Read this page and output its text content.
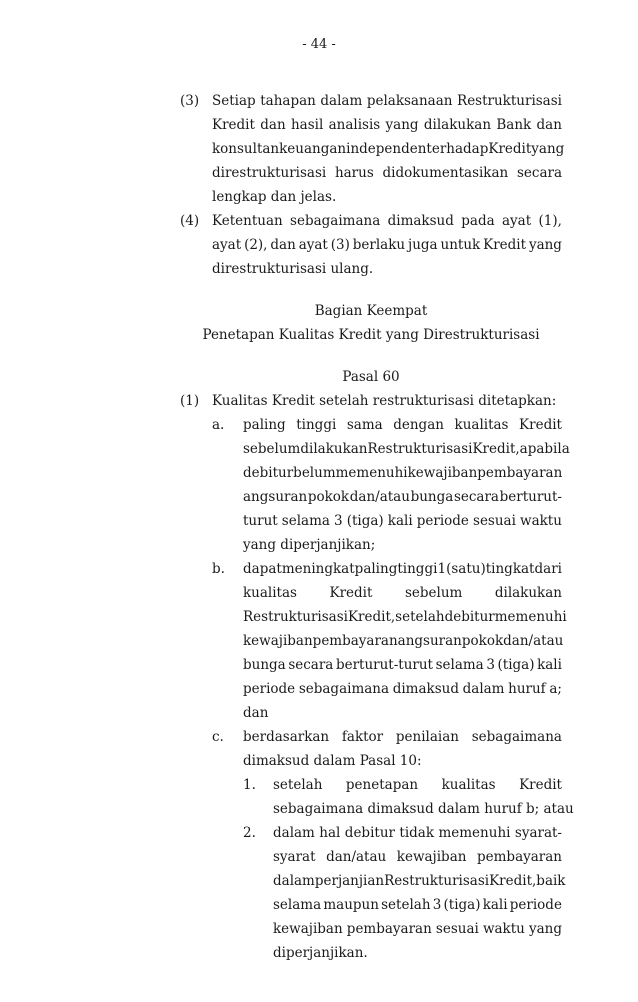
- 44 -
(3) Setiap tahapan dalam pelaksanaan Restrukturisasi
Kredit dan hasil analisis yang dilakukan Bank dan
konsultan keuangan independen terhadap Kredit yang
direstrukturisasi harus didokumentasikan secara
lengkap dan jelas.
(4) Ketentuan sebagaimana dimaksud pada ayat (1),
ayat (2), dan ayat (3) berlaku juga untuk Kredit yang
direstrukturisasi ulang.
Bagian Keempat
Penetapan Kualitas Kredit yang Direstrukturisasi
Pasal 60
(1) Kualitas Kredit setelah restrukturisasi ditetapkan:
a. paling tinggi sama dengan kualitas Kredit
sebelum dilakukan Restrukturisasi Kredit, apabila
debitur belum memenuhi kewajiban pembayaran
angsuran pokok dan/atau bunga secara berturut-
turut selama 3 (tiga) kali periode sesuai waktu
yang diperjanjikan;
b. dapat meningkat paling tinggi 1 (satu) tingkat dari
kualitas Kredit sebelum dilakukan
Restrukturisasi Kredit, setelah debitur memenuhi
kewajiban pembayaran angsuran pokok dan/atau
bunga secara berturut-turut selama 3 (tiga) kali
periode sebagaimana dimaksud dalam huruf a;
dan
c. berdasarkan faktor penilaian sebagaimana
dimaksud dalam Pasal 10:
1. setelah penetapan kualitas Kredit
sebagaimana dimaksud dalam huruf b; atau
2. dalam hal debitur tidak memenuhi syarat-
syarat dan/atau kewajiban pembayaran
dalam perjanjian Restrukturisasi Kredit, baik
selama maupun setelah 3 (tiga) kali periode
kewajiban pembayaran sesuai waktu yang
diperjanjikan.
